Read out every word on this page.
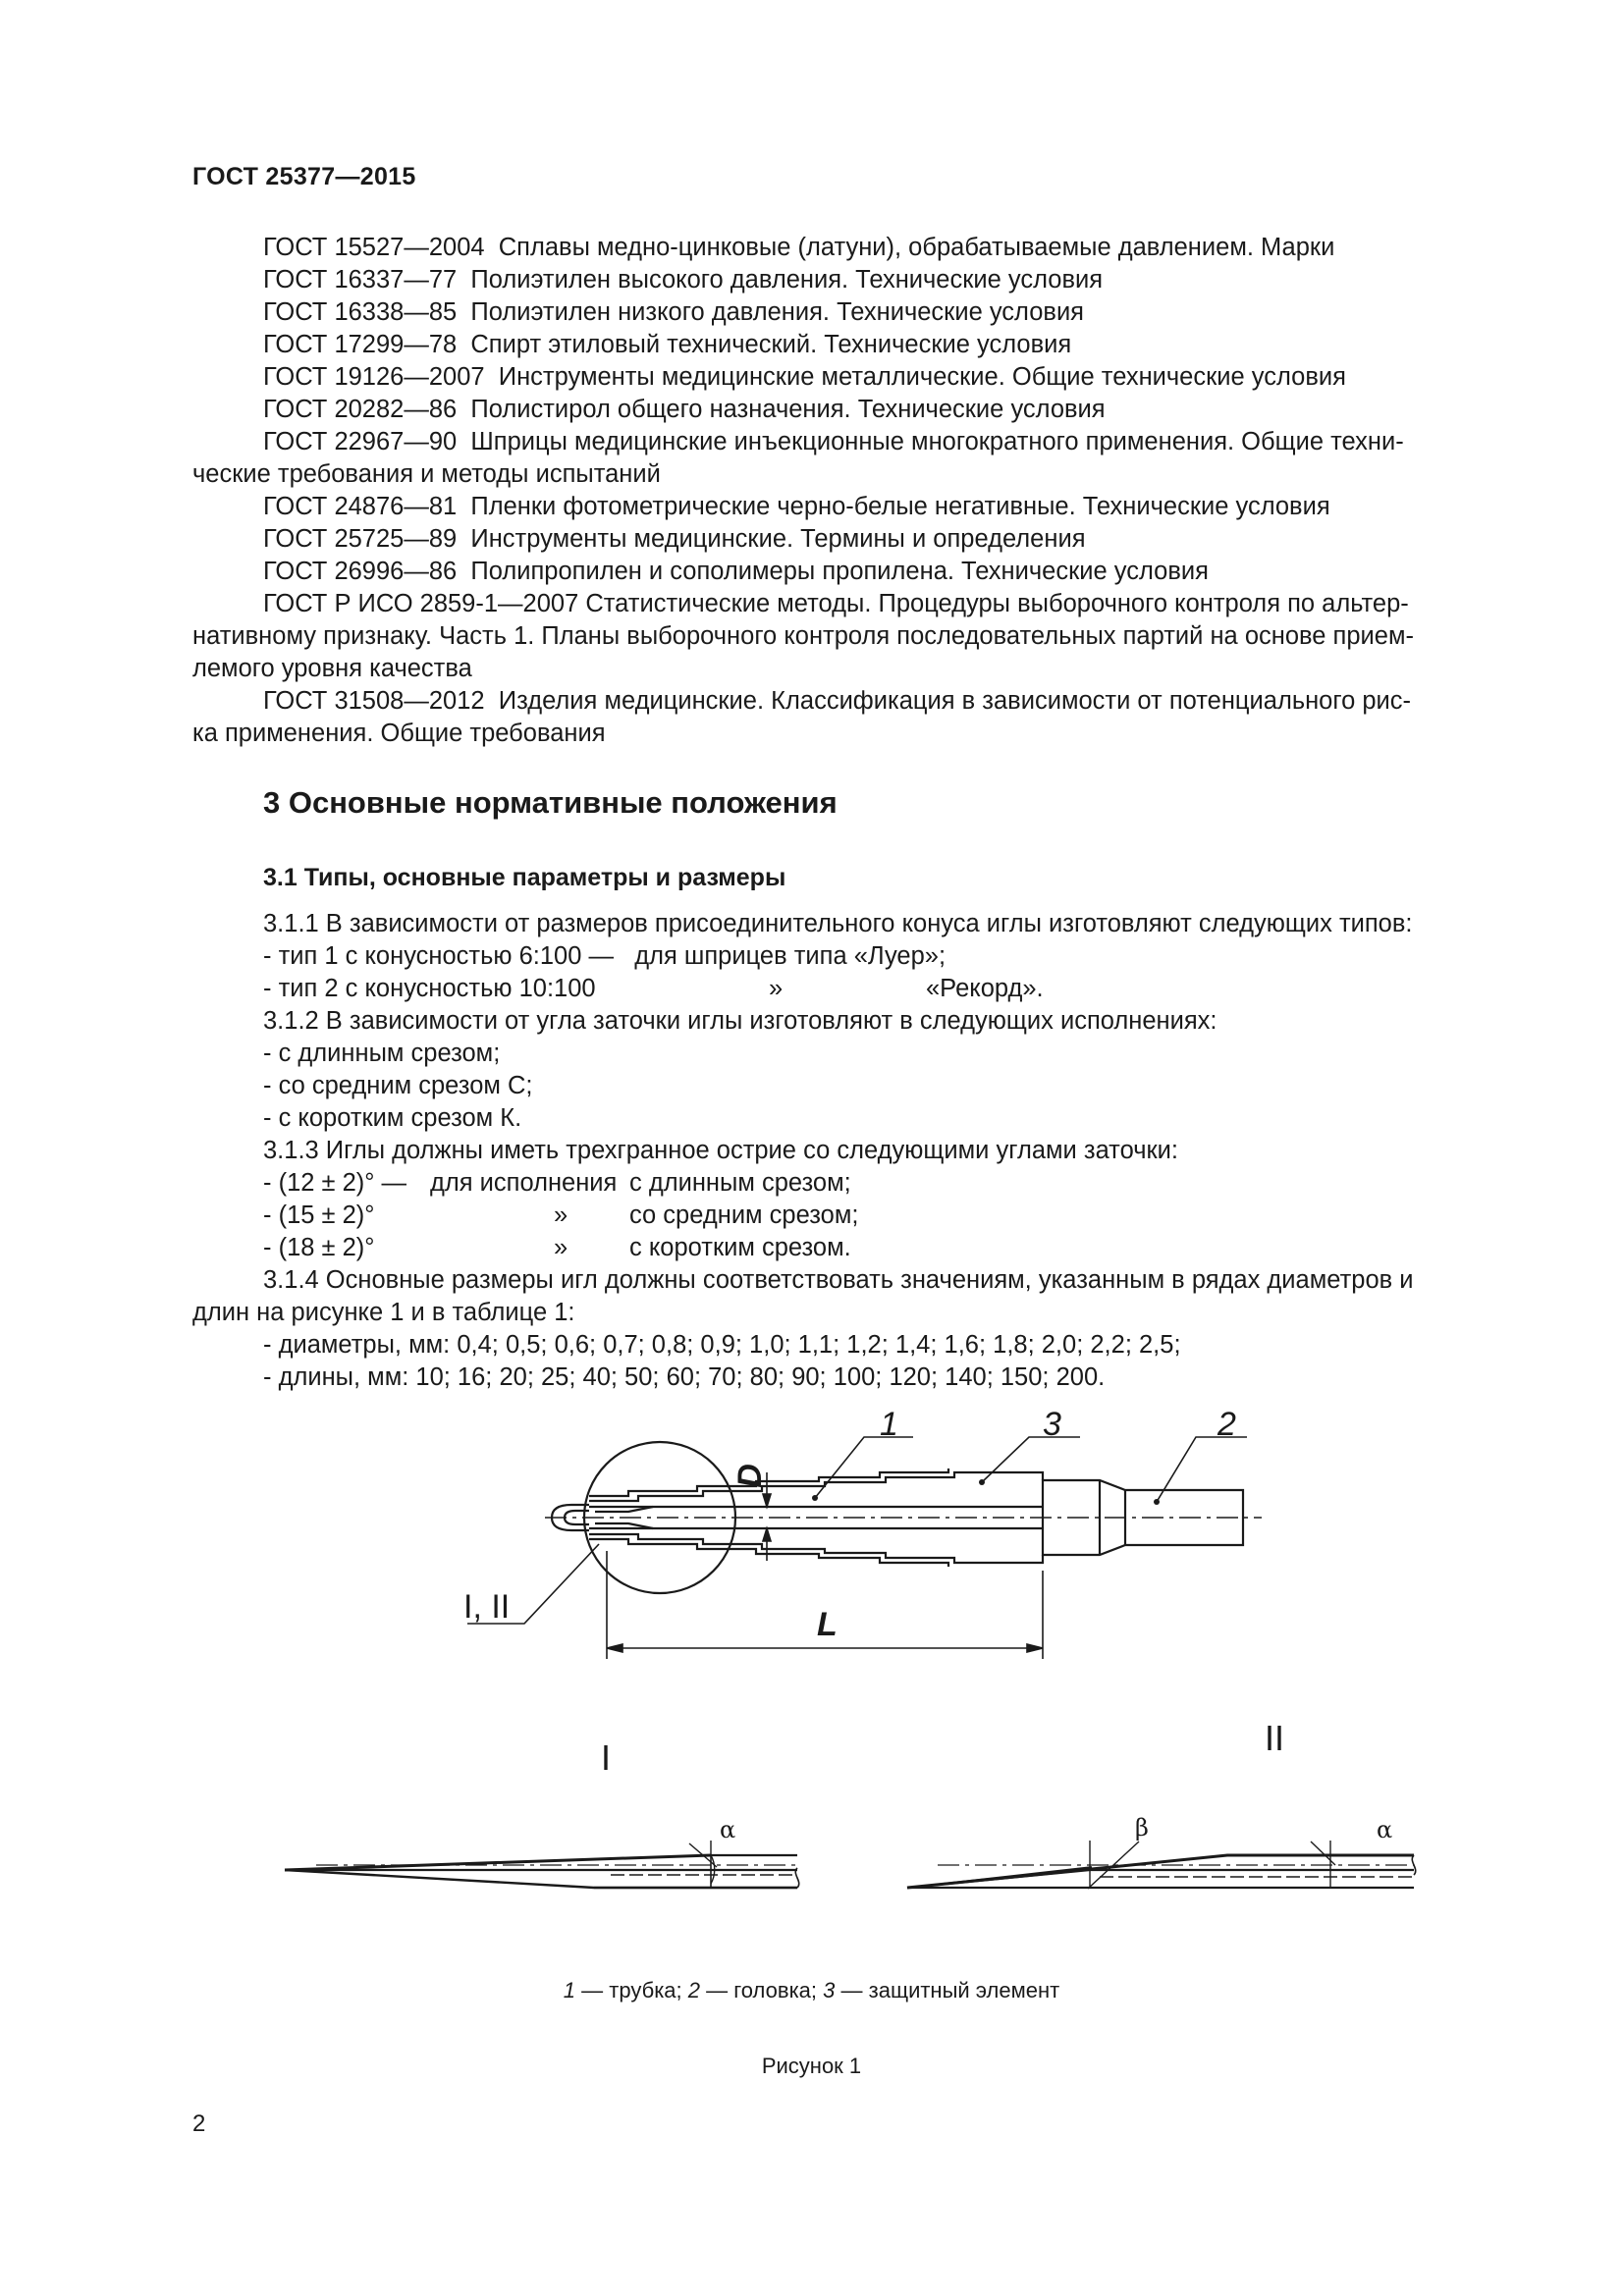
ГОСТ 25377—2015
ГОСТ 15527—2004 Сплавы медно-цинковые (латуни), обрабатываемые давлением. Марки
ГОСТ 16337—77 Полиэтилен высокого давления. Технические условия
ГОСТ 16338—85 Полиэтилен низкого давления. Технические условия
ГОСТ 17299—78 Спирт этиловый технический. Технические условия
ГОСТ 19126—2007 Инструменты медицинские металлические. Общие технические условия
ГОСТ 20282—86 Полистирол общего назначения. Технические условия
ГОСТ 22967—90 Шприцы медицинские инъекционные многократного применения. Общие техни-
ческие требования и методы испытаний
ГОСТ 24876—81 Пленки фотометрические черно-белые негативные. Технические условия
ГОСТ 25725—89 Инструменты медицинские. Термины и определения
ГОСТ 26996—86 Полипропилен и сополимеры пропилена. Технические условия
ГОСТ Р ИСО 2859-1—2007 Статистические методы. Процедуры выборочного контроля по альтер-
нативному признаку. Часть 1. Планы выборочного контроля последовательных партий на основе прием-
лемого уровня качества
ГОСТ 31508—2012 Изделия медицинские. Классификация в зависимости от потенциального рис-
ка применения. Общие требования
3 Основные нормативные положения
3.1 Типы, основные параметры и размеры
3.1.1 В зависимости от размеров присоединительного конуса иглы изготовляют следующих типов:
- тип 1 с конусностью 6:100 — для шприцев типа «Луер»;
- тип 2 с конусностью 10:100	»	«Рекорд».
3.1.2 В зависимости от угла заточки иглы изготовляют в следующих исполнениях:
- с длинным срезом;
- со средним срезом С;
- с коротким срезом К.
3.1.3 Иглы должны иметь трехгранное острие со следующими углами заточки:
- (12 ± 2)° — для исполнения с длинным срезом;
- (15 ± 2)°	» со средним срезом;
- (18 ± 2)°	» с коротким срезом.
3.1.4 Основные размеры игл должны соответствовать значениям, указанным в рядах диаметров и
длин на рисунке 1 и в таблице 1:
- диаметры, мм: 0,4; 0,5; 0,6; 0,7; 0,8; 0,9; 1,0; 1,1; 1,2; 1,4; 1,6; 1,8; 2,0; 2,2; 2,5;
- длины, мм: 10; 16; 20; 25; 40; 50; 60; 70; 80; 90; 100; 120; 140; 150; 200.
1	3	2
D
L
I, II
I	II
α	β	α
1 — трубка; 2 — головка; 3 — защитный элемент
Рисунок 1
2
